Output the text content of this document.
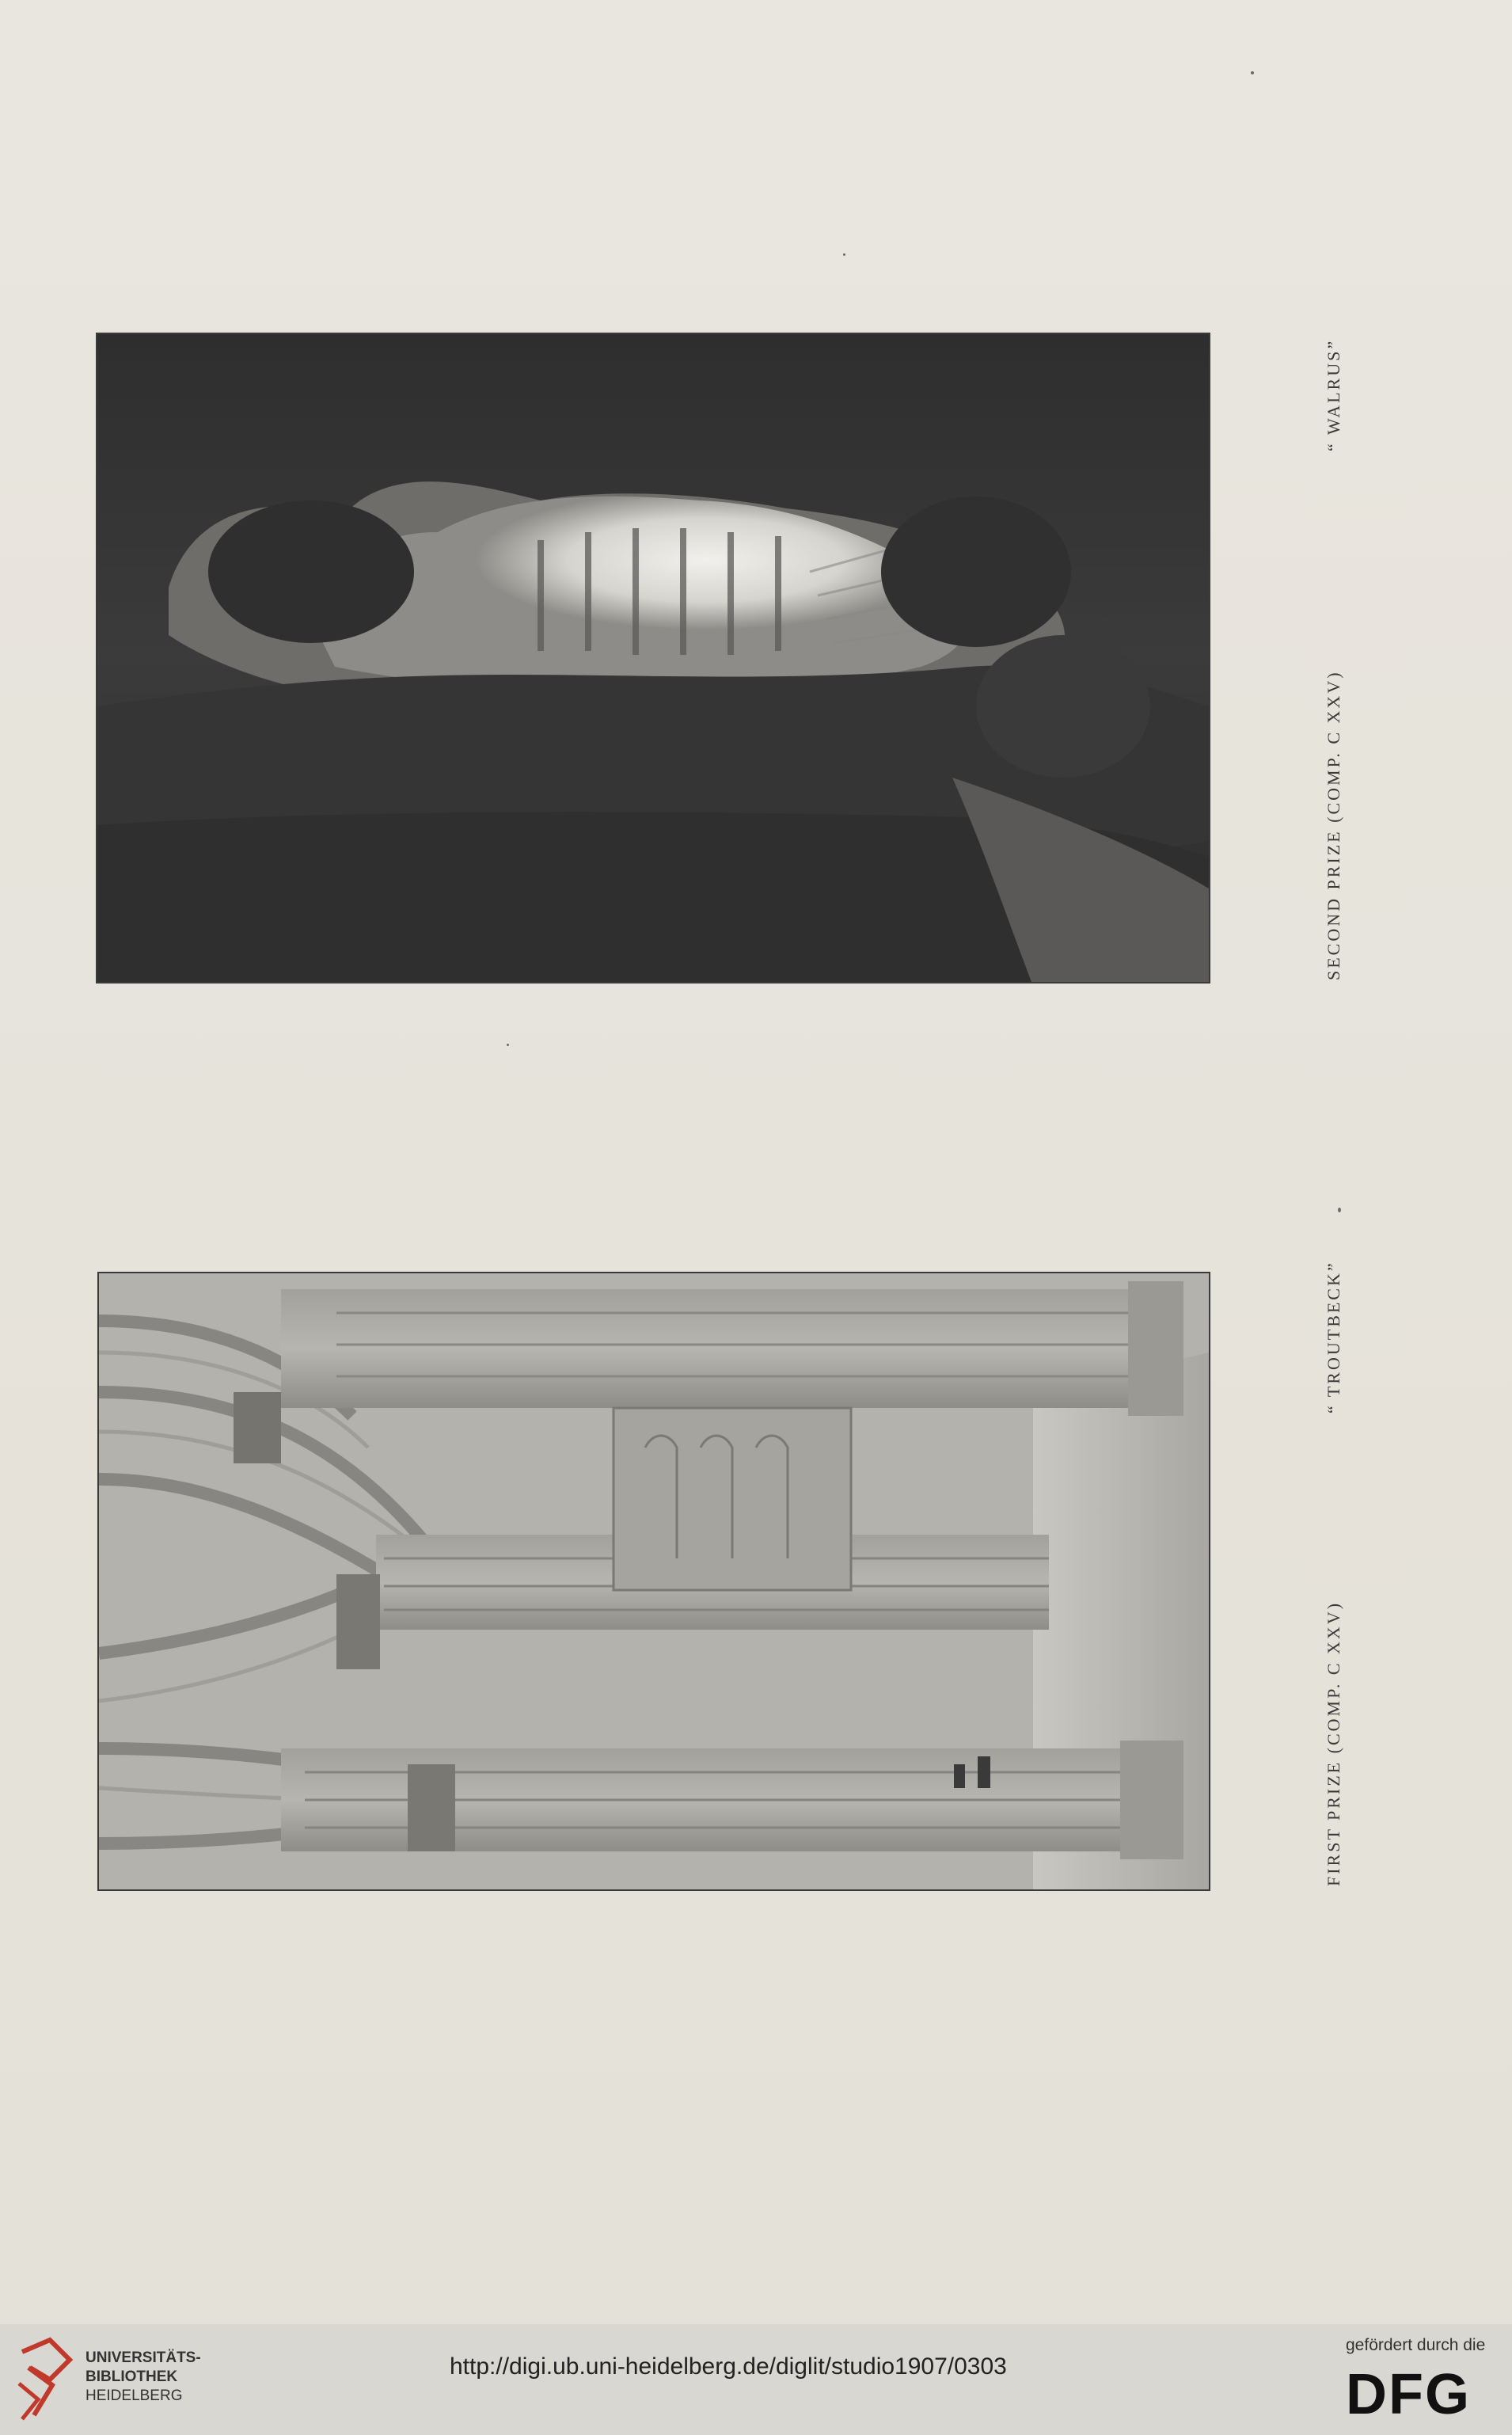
SECOND PRIZE (COMP. C XXV)
“ WALRUS”
FIRST PRIZE (COMP. C XXV)
“ TROUTBECK”
UNIVERSITÄTS-
BIBLIOTHEK
HEIDELBERG
http://digi.ub.uni-heidelberg.de/diglit/studio1907/0303
gefördert durch die
DFG
